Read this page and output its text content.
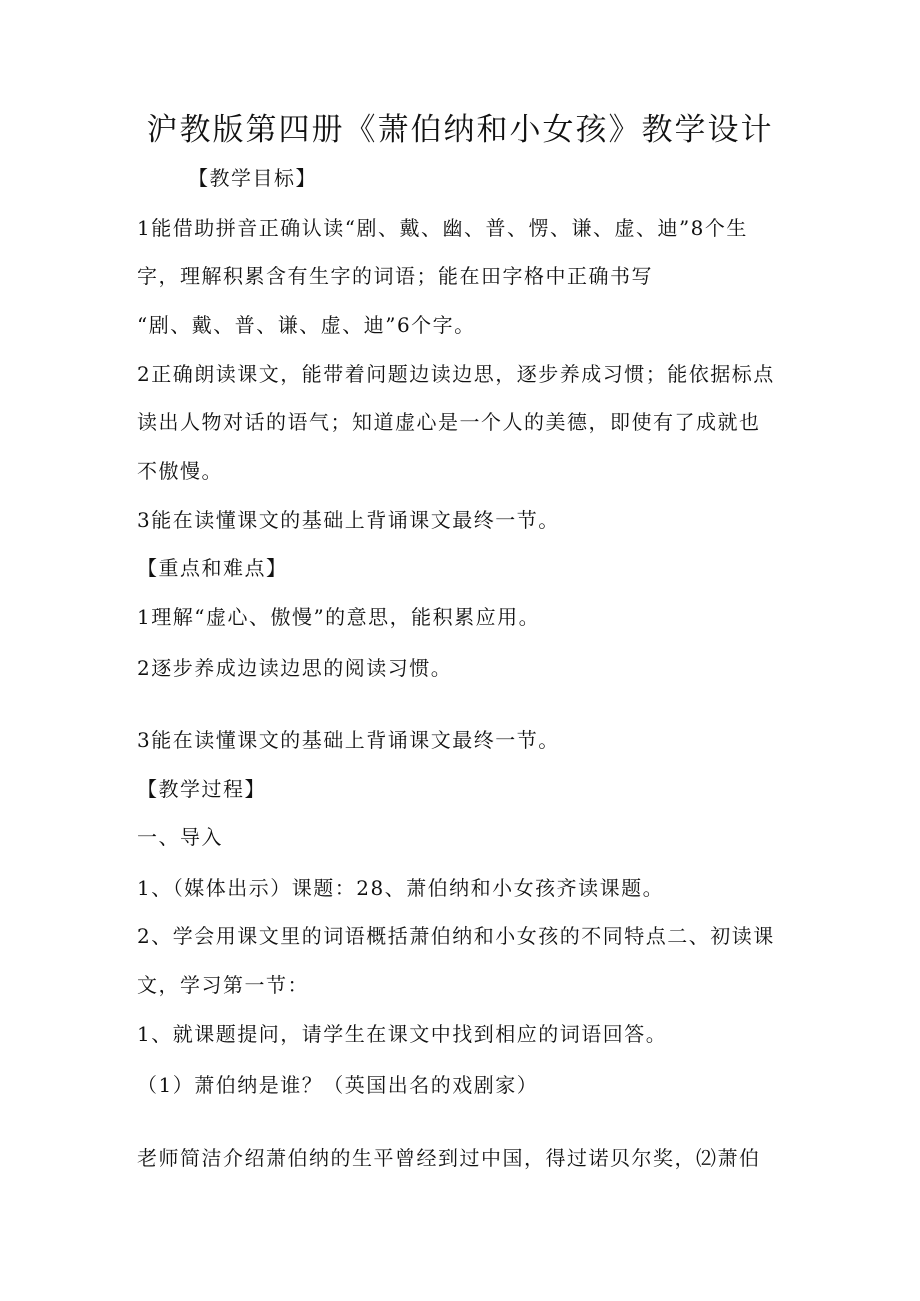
沪教版第四册《萧伯纳和小女孩》教学设计
【教学目标】
1能借助拼音正确认读“剧、戴、幽、普、愣、谦、虚、迪”8个生
字，理解积累含有生字的词语；能在田字格中正确书写
“剧、戴、普、谦、虚、迪”6个字。
2正确朗读课文，能带着问题边读边思，逐步养成习惯；能依据标点
读出人物对话的语气；知道虚心是一个人的美德，即使有了成就也
不傲慢。
3能在读懂课文的基础上背诵课文最终一节。
【重点和难点】
1理解“虚心、傲慢”的意思，能积累应用。
2逐步养成边读边思的阅读习惯。
3能在读懂课文的基础上背诵课文最终一节。
【教学过程】
一、导入
1、（媒体出示）课题：28、萧伯纳和小女孩齐读课题。
2、学会用课文里的词语概括萧伯纳和小女孩的不同特点二、初读课
文，学习第一节：
1、就课题提问，请学生在课文中找到相应的词语回答。
（1）萧伯纳是谁？（英国出名的戏剧家）
老师简洁介绍萧伯纳的生平曾经到过中国，得过诺贝尔奖，⑵萧伯
